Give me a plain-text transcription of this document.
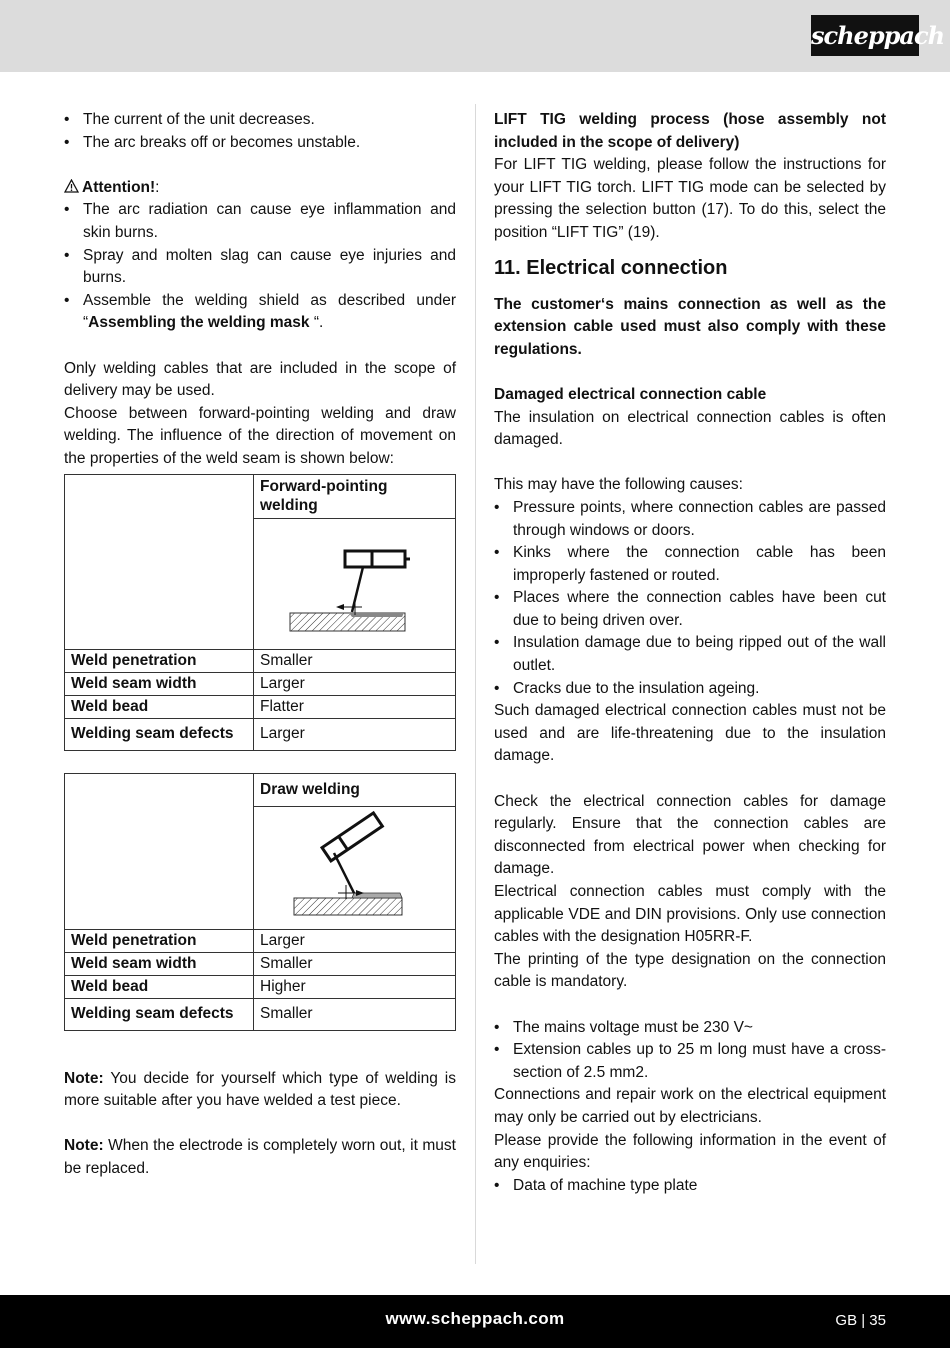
scheppach
• The current of the unit decreases.
• The arc breaks off or becomes unstable.
Attention!:
• The arc radiation can cause eye inflammation and skin burns.
• Spray and molten slag can cause eye injuries and burns.
• Assemble the welding shield as described under “Assembling the welding mask “.

Only welding cables that are included in the scope of delivery may be used.

Choose between forward-pointing welding and draw welding. The influence of the direction of movement on the properties of the weld seam is shown below:

	Forward-pointing welding

Weld penetration	Smaller
Weld seam width	Larger
Weld bead	Flatter
Welding seam defects	Larger
	Draw welding

Weld penetration	Larger
Weld seam width	Smaller
Weld bead	Higher
Welding seam defects	Smaller

Note: You decide for yourself which type of welding is more suitable after you have welded a test piece.

Note: When the electrode is completely worn out, it must be replaced.

LIFT TIG welding process (hose assembly not included in the scope of delivery)

For LIFT TIG welding, please follow the instructions for your LIFT TIG torch. LIFT TIG mode can be selected by pressing the selection button (17). To do this, select the position “LIFT TIG” (19).

11. Electrical connection

The customer‘s mains connection as well as the extension cable used must also comply with these regulations.

Damaged electrical connection cable

The insulation on electrical connection cables is often damaged.

This may have the following causes:

• Pressure points, where connection cables are passed through windows or doors.
• Kinks where the connection cable has been improperly fastened or routed.
• Places where the connection cables have been cut due to being driven over.
• Insulation damage due to being ripped out of the wall outlet.
• Cracks due to the insulation ageing.

Such damaged electrical connection cables must not be used and are life-threatening due to the insulation damage.

Check the electrical connection cables for damage regularly. Ensure that the connection cables are disconnected from electrical power when checking for damage.

Electrical connection cables must comply with the applicable VDE and DIN provisions. Only use connection cables with the designation H05RR-F.

The printing of the type designation on the connection cable is mandatory.

• The mains voltage must be 230 V~
• Extension cables up to 25 m long must have a cross-section of 2.5 mm2.

Connections and repair work on the electrical equipment may only be carried out by electricians.

Please provide the following information in the event of any enquiries:

• Data of machine type plate
www.scheppach.com	GB | 35
